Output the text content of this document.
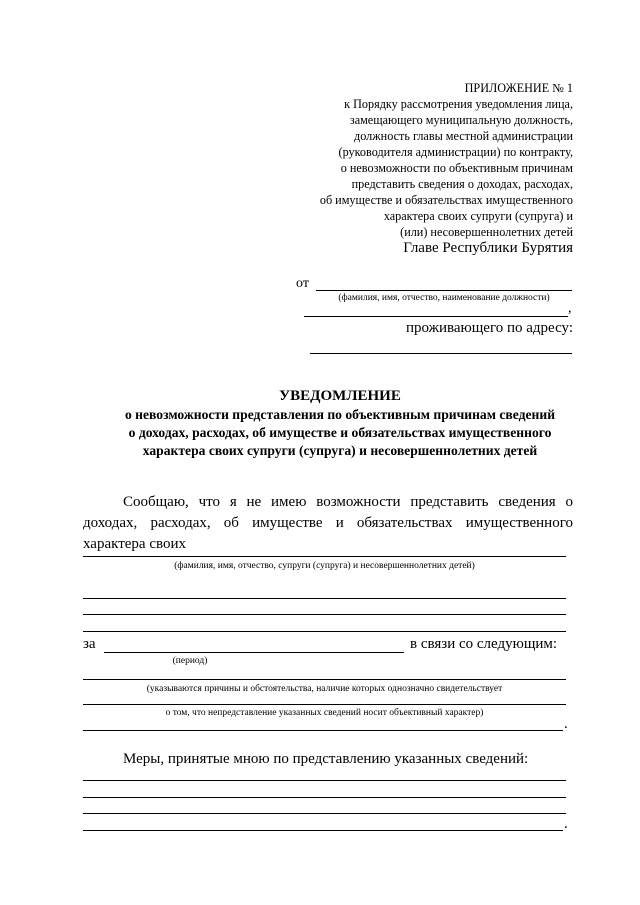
ПРИЛОЖЕНИЕ № 1
к Порядку рассмотрения уведомления лица,
замещающего муниципальную должность,
должность главы местной администрации
(руководителя администрации) по контракту,
о невозможности по объективным причинам
представить сведения о доходах, расходах,
об имуществе и обязательствах имущественного
характера своих супруги (супруга) и
(или) несовершеннолетних детей
Главе Республики Бурятия
от
(фамилия, имя, отчество, наименование должности)
,
проживающего по адресу:
УВЕДОМЛЕНИЕ
о невозможности представления по объективным причинам сведений
о доходах, расходах, об имуществе и обязательствах имущественного
характера своих супруги (супруга) и несовершеннолетних детей
Сообщаю, что я не имею возможности представить сведения о доходах, расходах, об имуществе и обязательствах имущественного характера своих
(фамилия, имя, отчество, супруги (супруга) и несовершеннолетних детей)
за	в связи со следующим:
(период)
(указываются причины и обстоятельства, наличие которых однозначно свидетельствует
о том, что непредставление указанных сведений носит объективный характер)
.
Меры, принятые мною по представлению указанных сведений:
.
